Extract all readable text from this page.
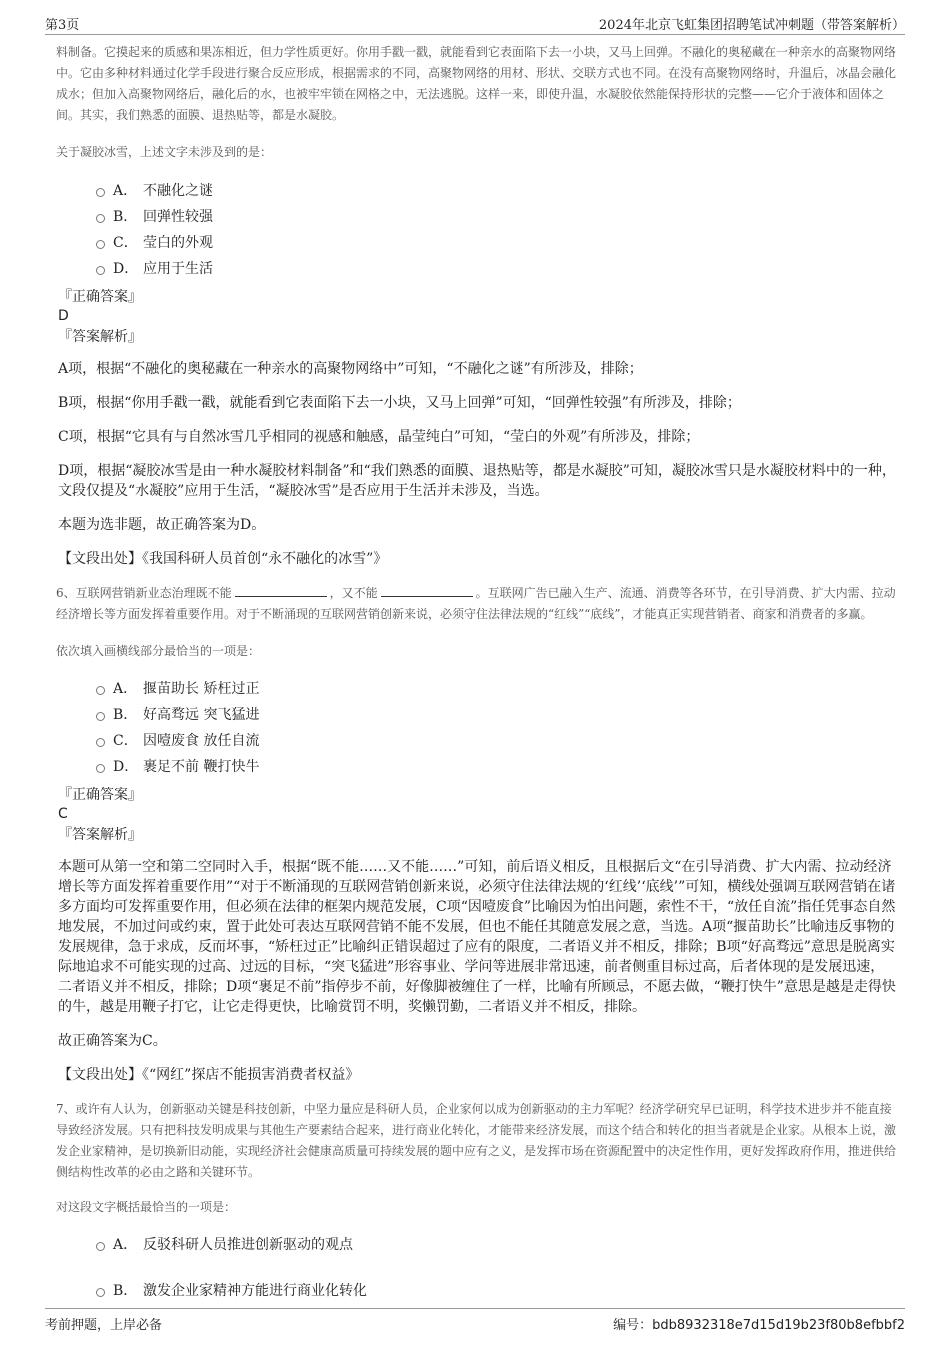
第3页	2024年北京飞虹集团招聘笔试冲刺题（带答案解析）

料制备。它摸起来的质感和果冻相近，但力学性质更好。你用手戳一戳，就能看到它表面陷下去一小块，又马上回弹。不融化的奥秘藏在一种亲水的高聚物网络中。它由多种材料通过化学手段进行聚合反应形成，根据需求的不同，高聚物网络的用材、形状、交联方式也不同。在没有高聚物网络时，升温后，冰晶会融化成水；但加入高聚物网络后，融化后的水，也被牢牢锁在网格之中，无法逃脱。这样一来，即使升温，水凝胶依然能保持形状的完整——它介于液体和固体之间。其实，我们熟悉的面膜、退热贴等，都是水凝胶。

关于凝胶冰雪，上述文字未涉及到的是：

A． 不融化之谜
B． 回弹性较强
C． 莹白的外观
D． 应用于生活
『正确答案』
D
『答案解析』

A项，根据“不融化的奥秘藏在一种亲水的高聚物网络中”可知，“不融化之谜”有所涉及，排除；

B项，根据“你用手戳一戳，就能看到它表面陷下去一小块，又马上回弹”可知，“回弹性较强”有所涉及，排除；

C项，根据“它具有与自然冰雪几乎相同的视感和触感，晶莹纯白”可知，“莹白的外观”有所涉及，排除；

D项，根据“凝胶冰雪是由一种水凝胶材料制备”和“我们熟悉的面膜、退热贴等，都是水凝胶”可知，凝胶冰雪只是水凝胶材料中的一种，文段仅提及“水凝胶”应用于生活，“凝胶冰雪”是否应用于生活并未涉及，当选。

本题为选非题，故正确答案为D。

【文段出处】《我国科研人员首创“永不融化的冰雪”》

6、互联网营销新业态治理既不能	，又不能	。互联网广告已融入生产、流通、消费等各环节，在引导消费、扩大内需、拉动经济增长等方面发挥着重要作用。对于不断涌现的互联网营销创新来说，必须守住法律法规的“红线”“底线”，才能真正实现营销者、商家和消费者的多赢。

依次填入画横线部分最恰当的一项是：

A． 揠苗助长 矫枉过正
B． 好高骛远 突飞猛进
C． 因噎废食 放任自流
D． 裹足不前 鞭打快牛
『正确答案』
C
『答案解析』

本题可从第一空和第二空同时入手，根据“既不能……又不能……”可知，前后语义相反，且根据后文“在引导消费、扩大内需、拉动经济增长等方面发挥着重要作用”“对于不断涌现的互联网营销创新来说，必须守住法律法规的‘红线’‘底线’”可知，横线处强调互联网营销在诸多方面均可发挥重要作用，但必须在法律的框架内规范发展，C项“因噎废食”比喻因为怕出问题，索性不干，“放任自流”指任凭事态自然地发展，不加过问或约束，置于此处可表达互联网营销不能不发展，但也不能任其随意发展之意，当选。A项“揠苗助长”比喻违反事物的发展规律，急于求成，反而坏事，“矫枉过正”比喻纠正错误超过了应有的限度，二者语义并不相反，排除；B项“好高骛远”意思是脱离实际地追求不可能实现的过高、过远的目标，“突飞猛进”形容事业、学问等进展非常迅速，前者侧重目标过高，后者体现的是发展迅速，二者语义并不相反，排除；D项“裹足不前”指停步不前，好像脚被缠住了一样，比喻有所顾忌，不愿去做，“鞭打快牛”意思是越是走得快的牛，越是用鞭子打它，让它走得更快，比喻赏罚不明，奖懒罚勤，二者语义并不相反，排除。

故正确答案为C。

【文段出处】《“网红”探店不能损害消费者权益》

7、或许有人认为，创新驱动关键是科技创新，中坚力量应是科研人员，企业家何以成为创新驱动的主力军呢？经济学研究早已证明，科学技术进步并不能直接导致经济发展。只有把科技发明成果与其他生产要素结合起来，进行商业化转化，才能带来经济发展，而这个结合和转化的担当者就是企业家。从根本上说，激发企业家精神，是切换新旧动能，实现经济社会健康高质量可持续发展的题中应有之义，是发挥市场在资源配置中的决定性作用，更好发挥政府作用，推进供给侧结构性改革的必由之路和关键环节。

对这段文字概括最恰当的一项是：

A． 反驳科研人员推进创新驱动的观点
B． 激发企业家精神方能进行商业化转化
考前押题，上岸必备	编号：bdb8932318e7d15d19b23f80b8efbbf2
